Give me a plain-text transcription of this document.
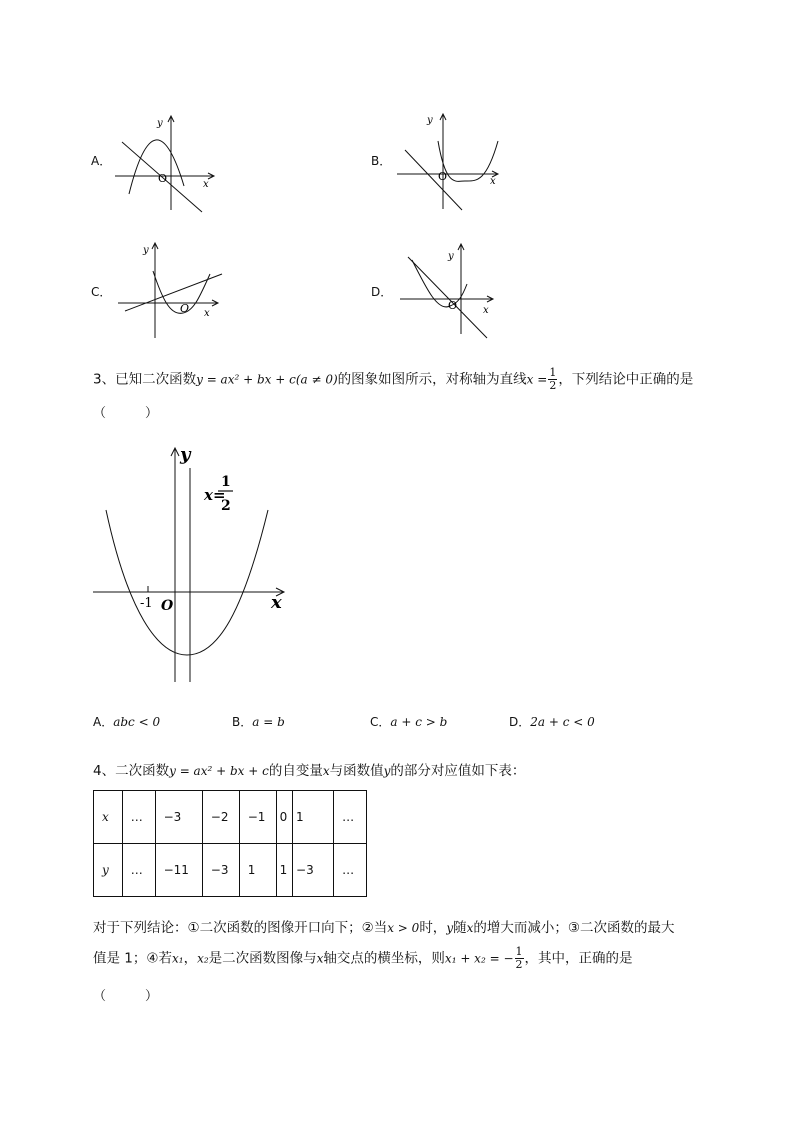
A．
y
x
O
B．
y
x
O
C．
y
x
O
D．
y
x
O
3、已知二次函数y = ax² + bx + c(a ≠ 0)的图象如图所示，对称轴为直线$x = \frac{1}{2}$ ，下列结论中正确的是
（　　　）
y
x
O
-1
x=
1
2
A．abc < 0	B．a = b	C．a + c > b	D．2a + c < 0
4、二次函数y = ax² + bx + c的自变量x与函数值y的部分对应值如下表：
x	…	−3	−2	−1	0	1	…
y	…	−11	−3	1	1	−3	…
对于下列结论：①二次函数的图像开口向下；②当x > 0时，y随x的增大而减小；③二次函数的最大
值是 1；④若x₁，x₂是二次函数图像与x轴交点的横坐标，则x₁ + x₂ = − $\frac{1}{2}$ ，其中，正确的是
（　　　）
